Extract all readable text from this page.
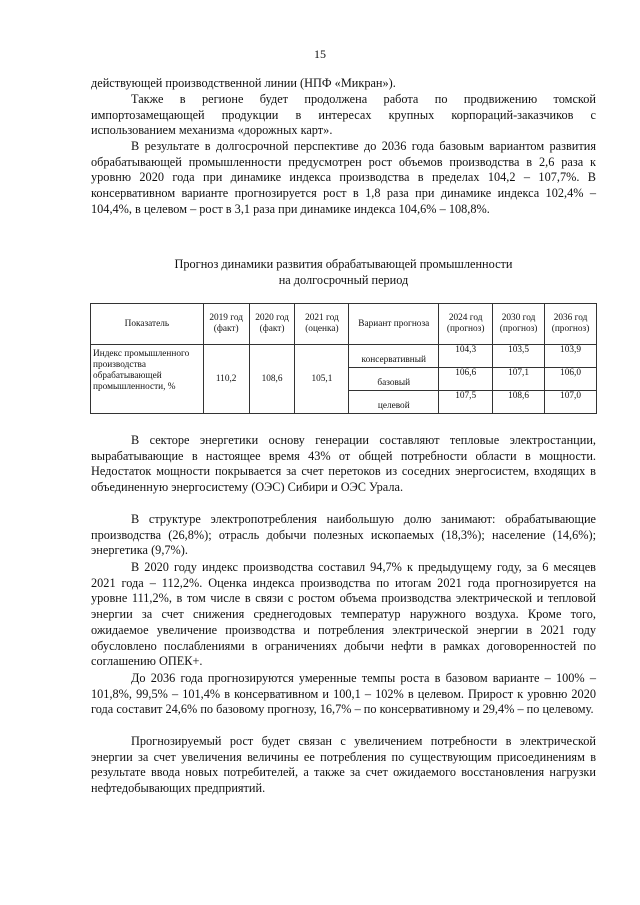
15

действующей производственной линии (НПФ «Микран»).

Также в регионе будет продолжена работа по продвижению томской импортозамещающей продукции в интересах крупных корпораций-заказчиков с использованием механизма «дорожных карт».

В результате в долгосрочной перспективе до 2036 года базовым вариантом развития обрабатывающей промышленности предусмотрен рост объемов производства в 2,6 раза к уровню 2020 года при динамике индекса производства в пределах 104,2 – 107,7%. В консервативном варианте прогнозируется рост в 1,8 раза при динамике индекса 102,4% – 104,4%, в целевом – рост в 3,1 раза при динамике индекса 104,6% – 108,8%.

Прогноз динамики развития обрабатывающей промышленности
на долгосрочный период
Показатель	2019 год (факт)	2020 год (факт)	2021 год (оценка)	Вариант прогноза	2024 год (прогноз)	2030 год (прогноз)	2036 год (прогноз)
Индекс промышленного производства обрабатывающей промышленности, %	110,2	108,6	105,1	консервативный	104,3	103,5	103,9
				базовый	106,6	107,1	106,0
				целевой	107,5	108,6	107,0

В секторе энергетики основу генерации составляют тепловые электростанции, вырабатывающие в настоящее время 43% от общей потребности области в мощности. Недостаток мощности покрывается за счет перетоков из соседних энергосистем, входящих в объединенную энергосистему (ОЭС) Сибири и ОЭС Урала.

В структуре электропотребления наибольшую долю занимают: обрабатывающие производства (26,8%); отрасль добычи полезных ископаемых (18,3%); население (14,6%); энергетика (9,7%).

В 2020 году индекс производства составил 94,7% к предыдущему году, за 6 месяцев 2021 года – 112,2%. Оценка индекса производства по итогам 2021 года прогнозируется на уровне 111,2%, в том числе в связи с ростом объема производства электрической и тепловой энергии за счет снижения среднегодовых температур наружного воздуха. Кроме того, ожидаемое увеличение производства и потребления электрической энергии в 2021 году обусловлено послаблениями в ограничениях добычи нефти в рамках договоренностей по соглашению ОПЕК+.

До 2036 года прогнозируются умеренные темпы роста в базовом варианте – 100% – 101,8%, 99,5% – 101,4% в консервативном и 100,1 – 102% в целевом. Прирост к уровню 2020 года составит 24,6% по базовому прогнозу, 16,7% – по консервативному и 29,4% – по целевому.

Прогнозируемый рост будет связан с увеличением потребности в электрической энергии за счет увеличения величины ее потребления по существующим присоединениям в результате ввода новых потребителей, а также за счет ожидаемого восстановления нагрузки нефтедобывающих предприятий.
